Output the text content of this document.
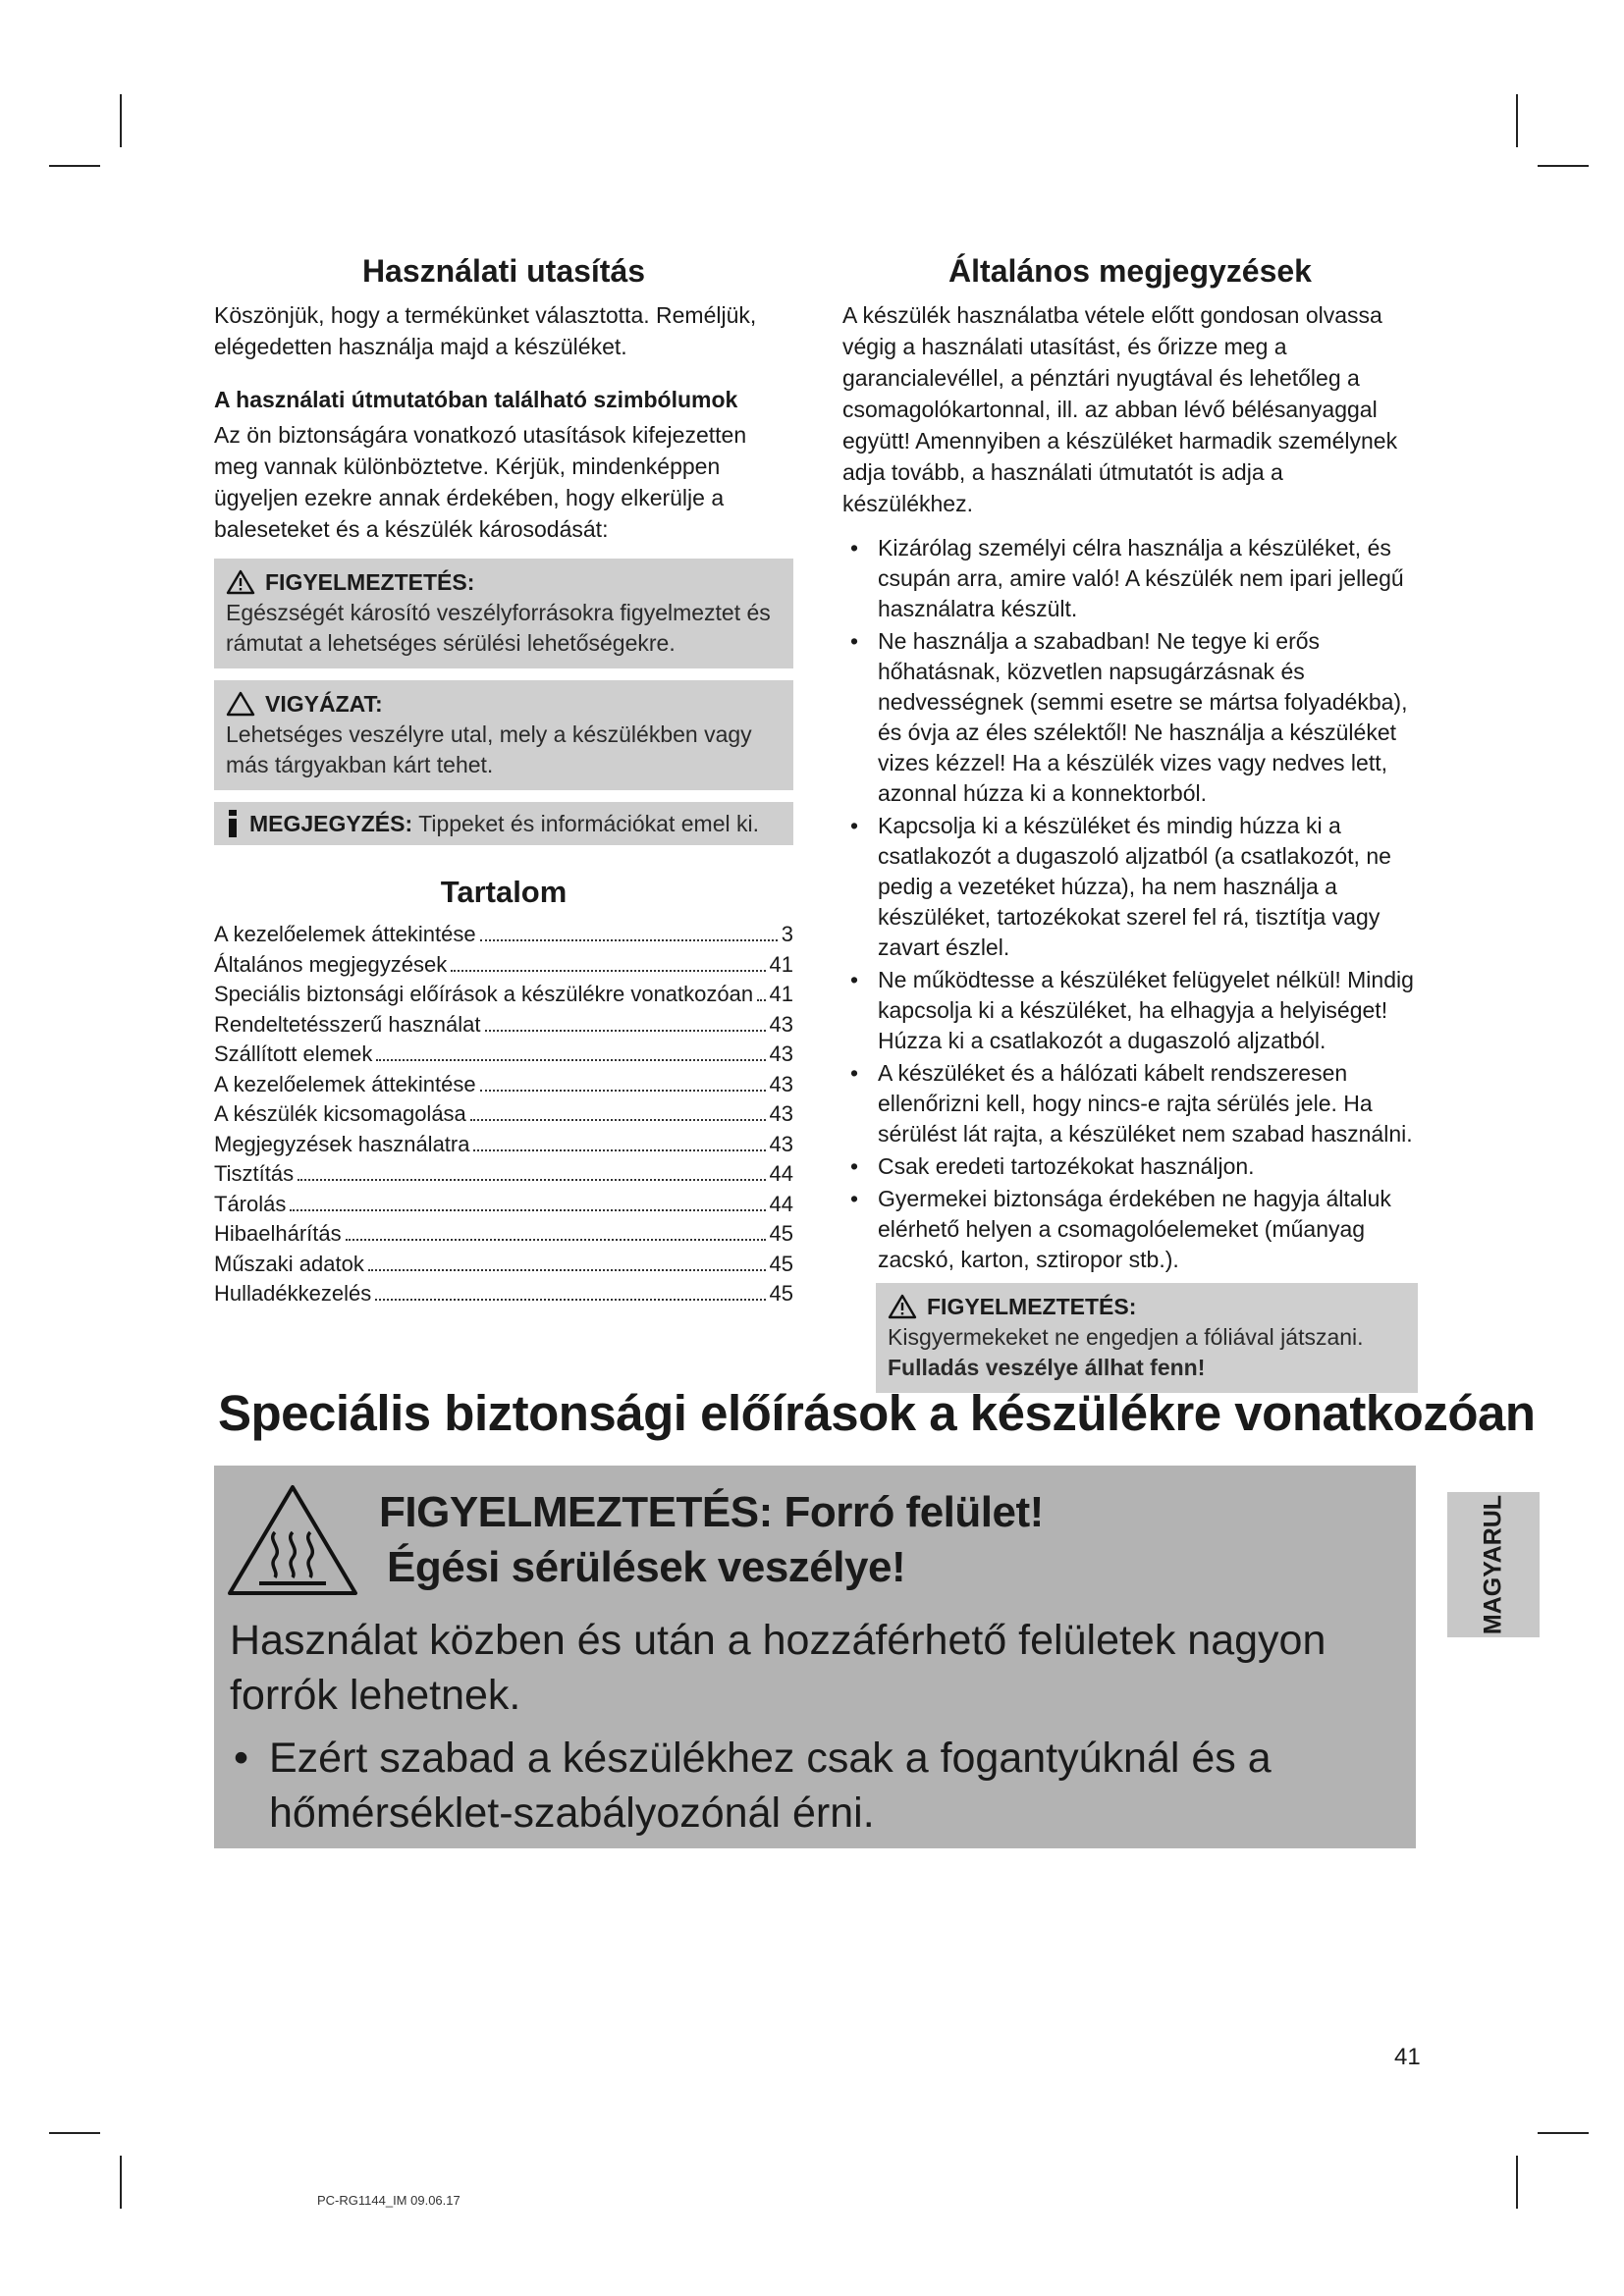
Használati utasítás

Köszönjük, hogy a termékünket választotta. Reméljük, elégedetten használja majd a készüléket.

A használati útmutatóban található szimbólumok

Az ön biztonságára vonatkozó utasítások kifejezetten meg vannak különböztetve. Kérjük, mindenképpen ügyeljen ezekre annak érdekében, hogy elkerülje a baleseteket és a készülék károsodását:

FIGYELMEZTETÉS:
Egészségét károsító veszélyforrásokra figyelmeztet és rámutat a lehetséges sérülési lehetőségekre.
VIGYÁZAT:
Lehetséges veszélyre utal, mely a készülékben vagy más tárgyakban kárt tehet.
MEGJEGYZÉS: Tippeket és információkat emel ki.
Tartalom
A kezelőelemek áttekintése	3
Általános megjegyzések	41
Speciális biztonsági előírások a készülékre vonatkozóan 41
Rendeltetésszerű használat	43
Szállított elemek	43
A kezelőelemek áttekintése	43
A készülék kicsomagolása	43
Megjegyzések használatra	43
Tisztítás	44
Tárolás	44
Hibaelhárítás	45
Műszaki adatok	45
Hulladékkezelés	45
Általános megjegyzések

A készülék használatba vétele előtt gondosan olvassa végig a használati utasítást, és őrizze meg a garancialevéllel, a pénztári nyugtával és lehetőleg a csomagolókartonnal, ill. az abban lévő bélésanyaggal együtt! Amennyiben a készüléket harmadik személynek adja tovább, a használati útmutatót is adja a készülékhez.

• Kizárólag személyi célra használja a készüléket, és csupán arra, amire való! A készülék nem ipari jellegű használatra készült.
• Ne használja a szabadban! Ne tegye ki erős hőhatásnak, közvetlen napsugárzásnak és nedvességnek (semmi esetre se mártsa folyadékba), és óvja az éles szélektől! Ne használja a készüléket vizes kézzel! Ha a készülék vizes vagy nedves lett, azonnal húzza ki a konnektorból.
• Kapcsolja ki a készüléket és mindig húzza ki a csatlakozót a dugaszoló aljzatból (a csatlakozót, ne pedig a vezetéket húzza), ha nem használja a készüléket, tartozékokat szerel fel rá, tisztítja vagy zavart észlel.
• Ne működtesse a készüléket felügyelet nélkül! Mindig kapcsolja ki a készüléket, ha elhagyja a helyiséget! Húzza ki a csatlakozót a dugaszoló aljzatból.
• A készüléket és a hálózati kábelt rendszeresen ellenőrizni kell, hogy nincs-e rajta sérülés jele. Ha sérülést lát rajta, a készüléket nem szabad használni.
• Csak eredeti tartozékokat használjon.
• Gyermekei biztonsága érdekében ne hagyja általuk elérhető helyen a csomagolóelemeket (műanyag zacskó, karton, sztiropor stb.).
FIGYELMEZTETÉS:
Kisgyermekeket ne engedjen a fóliával játszani. Fulladás veszélye állhat fenn!
Speciális biztonsági előírások a készülékre vonatkozóan
FIGYELMEZTETÉS: Forró felület!
Égési sérülések veszélye!
Használat közben és után a hozzáférhető felületek nagyon forrók lehetnek.
• Ezért szabad a készülékhez csak a fogantyúknál és a hőmérséklet-szabályozónál érni.
MAGYARUL
41
PC-RG1144_IM 09.06.17
